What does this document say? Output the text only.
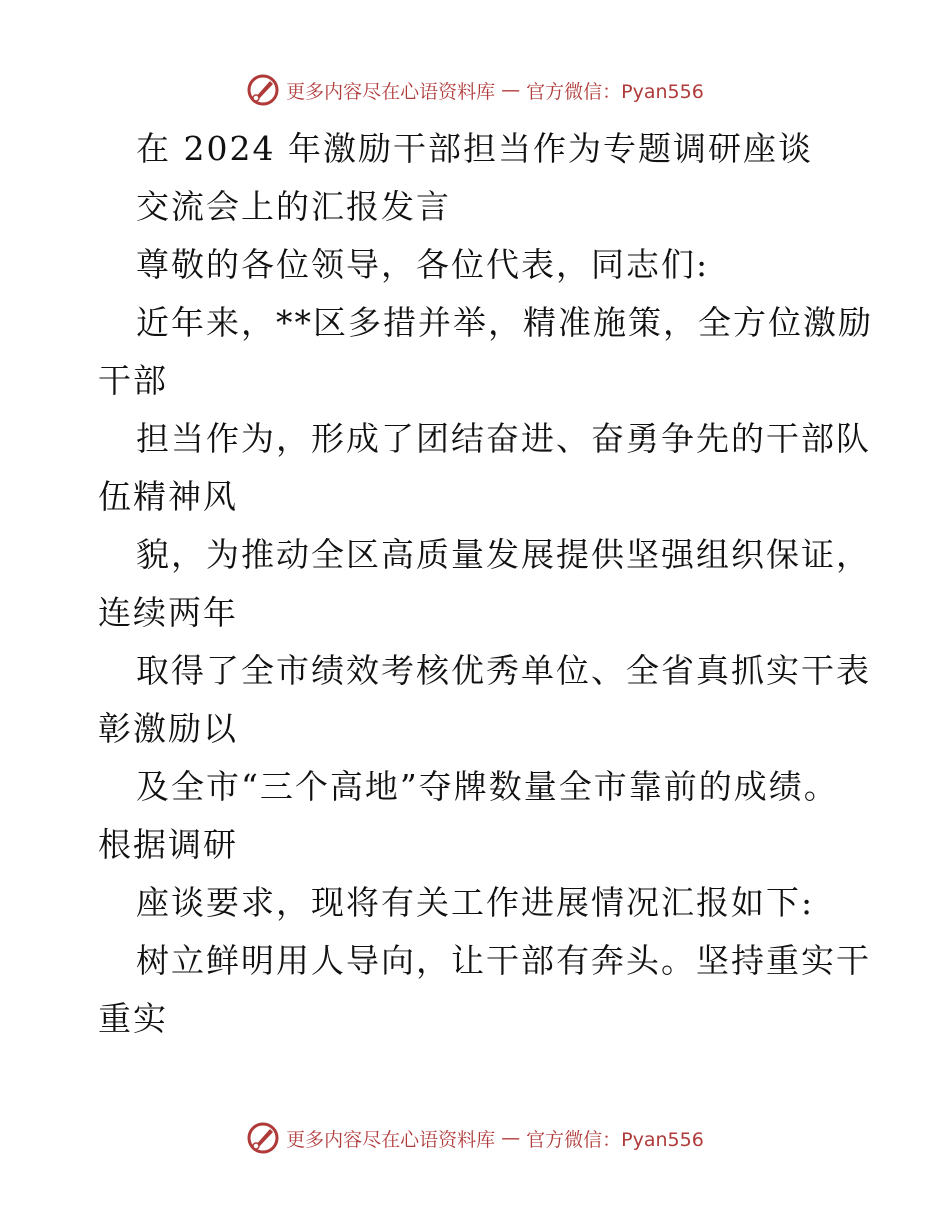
更多内容尽在心语资料库 — 官方微信：Pyan556
在 2024 年激励干部担当作为专题调研座谈
交流会上的汇报发言
尊敬的各位领导，各位代表，同志们:
近年来，**区多措并举，精准施策，全方位激励
干部
担当作为，形成了团结奋进、奋勇争先的干部队
伍精神风
貌，为推动全区高质量发展提供坚强组织保证，
连续两年
取得了全市绩效考核优秀单位、全省真抓实干表
彰激励以
及全市“三个高地”夺牌数量全市靠前的成绩。
根据调研
座谈要求，现将有关工作进展情况汇报如下:
树立鲜明用人导向，让干部有奔头。坚持重实干
重实
更多内容尽在心语资料库 — 官方微信：Pyan556
